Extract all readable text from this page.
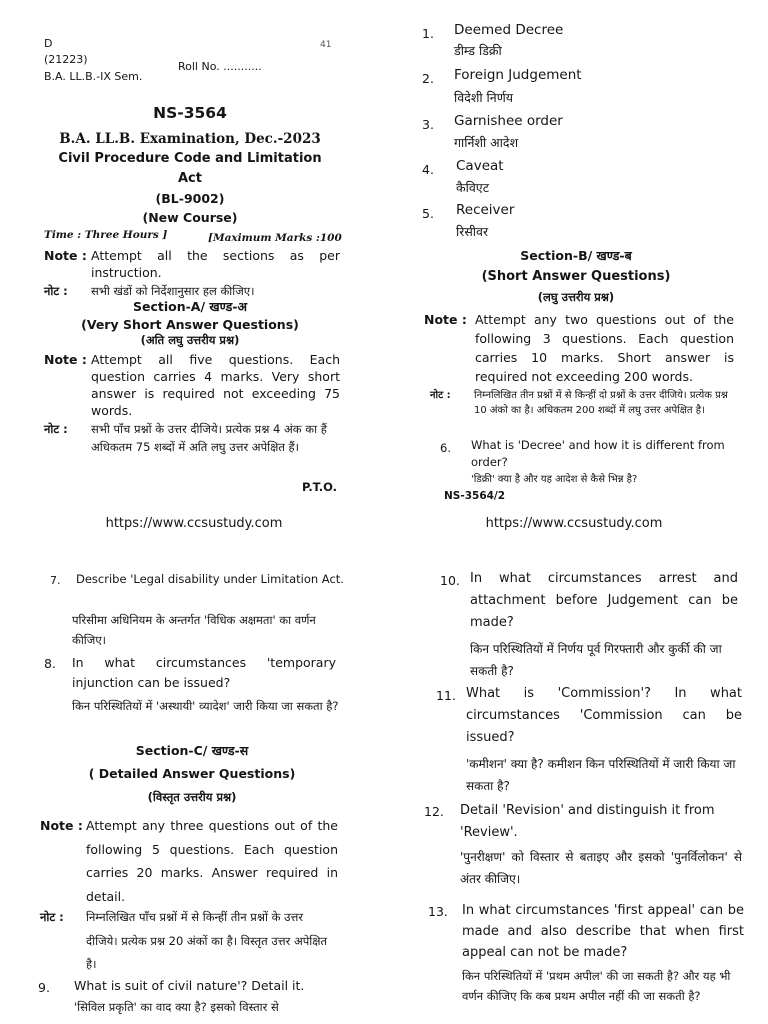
D	41
(21223)
Roll No. ...........
B.A. LL.B.-IX Sem.
NS-3564
B.A. LL.B. Examination, Dec.-2023
Civil Procedure Code and Limitation
Act
(BL-9002)
(New Course)
Time : Three Hours ]	[Maximum Marks :100
Note : Attempt all the sections as per instruction.
नोट : सभी खंडों को निर्देशानुसार हल कीजिए।
Section-A/ खण्ड-अ
(Very Short Answer Questions)
(अति लघु उत्तरीय प्रश्न)
Note : Attempt all five questions. Each question carries 4 marks. Very short answer is required not exceeding 75 words.
नोट : सभी पाँच प्रश्नों के उत्तर दीजिये। प्रत्येक प्रश्न 4 अंक का हैं अधिकतम 75 शब्दों में अति लघु उत्तर अपेक्षित हैं।
P.T.O.
https://www.ccsustudy.com
1. Deemed Decree
डीम्ड डिक्री
2. Foreign Judgement
विदेशी निर्णय
3. Garnishee order
गार्निशी आदेश
4. Caveat
कैविएट
5. Receiver
रिसीवर
Section-B/ खण्ड-ब
(Short Answer Questions)
(लघु उत्तरीय प्रश्न)
Note : Attempt any two questions out of the following 3 questions. Each question carries 10 marks. Short answer is required not exceeding 200 words.
नोट : निम्नलिखित तीन प्रश्नों में से किन्हीं दो प्रश्नों के उत्तर दीजिये। प्रत्येक प्रश्न 10 अंको का है। अधिकतम 200 शब्दों में लघु उत्तर अपेक्षित है।
6. What is 'Decree' and how it is different from order?
'डिक्री' क्या है और यह आदेश से कैसे भिन्न है?
NS-3564/2
https://www.ccsustudy.com
7. Describe 'Legal disability under Limitation Act.
परिसीमा अधिनियम के अन्तर्गत 'विधिक अक्षमता' का वर्णन कीजिए।
8. In what circumstances 'temporary injunction can be issued?
किन परिस्थितियों में 'अस्थायी' व्यादेश' जारी किया जा सकता है?
Section-C/ खण्ड-स
( Detailed Answer Questions)
(विस्तृत उत्तरीय प्रश्न)
Note : Attempt any three questions out of the following 5 questions. Each question carries 20 marks. Answer required in detail.
नोट : निम्नलिखित पाँच प्रश्नों में से किन्हीं तीन प्रश्नों के उत्तर दीजिये। प्रत्येक प्रश्न 20 अंकों का है। विस्तृत उत्तर अपेक्षित है।
9. What is suit of civil nature'? Detail it.
'सिविल प्रकृति' का वाद क्या है? इसको विस्तार से
10. In what circumstances arrest and attachment before Judgement can be made?
किन परिस्थितियों में निर्णय पूर्व गिरफ्तारी और कुर्की की जा सकती है?
11. What is 'Commission'? In what circumstances 'Commission can be issued?
'कमीशन' क्या है? कमीशन किन परिस्थितियों में जारी किया जा सकता है?
12. Detail 'Revision' and distinguish it from 'Review'.
'पुनरीक्षण' को विस्तार से बताइए और इसको 'पुनर्विलोकन' से अंतर कीजिए।
13. In what circumstances 'first appeal' can be made and also describe that when first appeal can not be made?
किन परिस्थितियों में 'प्रथम अपील' की जा सकती है? और यह भी वर्णन कीजिए कि कब प्रथम अपील नहीं की जा सकती है?
